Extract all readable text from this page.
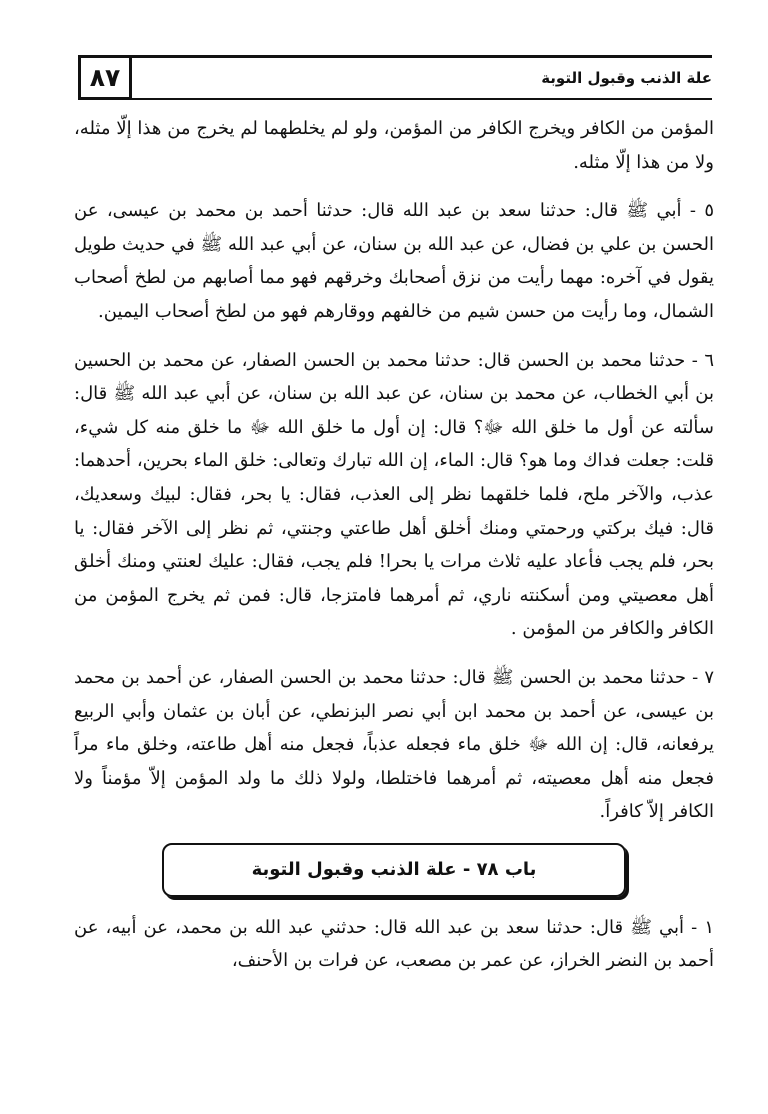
٨٧	علة الذنب وقبول التوبة

المؤمن من الكافر ويخرج الكافر من المؤمن، ولو لم يخلطهما لم يخرج من هذا إلّا مثله، ولا من هذا إلّا مثله.

٥ - أبي ﷺ قال: حدثنا سعد بن عبد الله قال: حدثنا أحمد بن محمد بن عيسى، عن الحسن بن علي بن فضال، عن عبد الله بن سنان، عن أبي عبد الله ﷺ في حديث طويل يقول في آخره: مهما رأيت من نزق أصحابك وخرقهم فهو مما أصابهم من لطخ أصحاب الشمال، وما رأيت من حسن شيم من خالفهم ووقارهم فهو من لطخ أصحاب اليمين.

٦ - حدثنا محمد بن الحسن قال: حدثنا محمد بن الحسن الصفار، عن محمد بن الحسين بن أبي الخطاب، عن محمد بن سنان، عن عبد الله بن سنان، عن أبي عبد الله ﷺ قال: سألته عن أول ما خلق الله ﷻ؟ قال: إن أول ما خلق الله ﷻ ما خلق منه كل شيء، قلت: جعلت فداك وما هو؟ قال: الماء، إن الله تبارك وتعالى: خلق الماء بحرين، أحدهما: عذب، والآخر ملح، فلما خلقهما نظر إلى العذب، فقال: يا بحر، فقال: لبيك وسعديك، قال: فيك بركتي ورحمتي ومنك أخلق أهل طاعتي وجنتي، ثم نظر إلى الآخر فقال: يا بحر، فلم يجب فأعاد عليه ثلاث مرات يا بحرا! فلم يجب، فقال: عليك لعنتي ومنك أخلق أهل معصيتي ومن أسكنته ناري، ثم أمرهما فامتزجا، قال: فمن ثم يخرج المؤمن من الكافر والكافر من المؤمن .

٧ - حدثنا محمد بن الحسن ﷺ قال: حدثنا محمد بن الحسن الصفار، عن أحمد بن محمد بن عيسى، عن أحمد بن محمد ابن أبي نصر البزنطي، عن أبان بن عثمان وأبي الربيع يرفعانه، قال: إن الله ﷻ خلق ماء فجعله عذباً، فجعل منه أهل طاعته، وخلق ماء مراً فجعل منه أهل معصيته، ثم أمرهما فاختلطا، ولولا ذلك ما ولد المؤمن إلاّ مؤمناً ولا الكافر إلاّ كافراً.

باب ٧٨ - علة الذنب وقبول التوبة

١ - أبي ﷺ قال: حدثنا سعد بن عبد الله قال: حدثني عبد الله بن محمد، عن أبيه، عن أحمد بن النضر الخراز، عن عمر بن مصعب، عن فرات بن الأحنف،
